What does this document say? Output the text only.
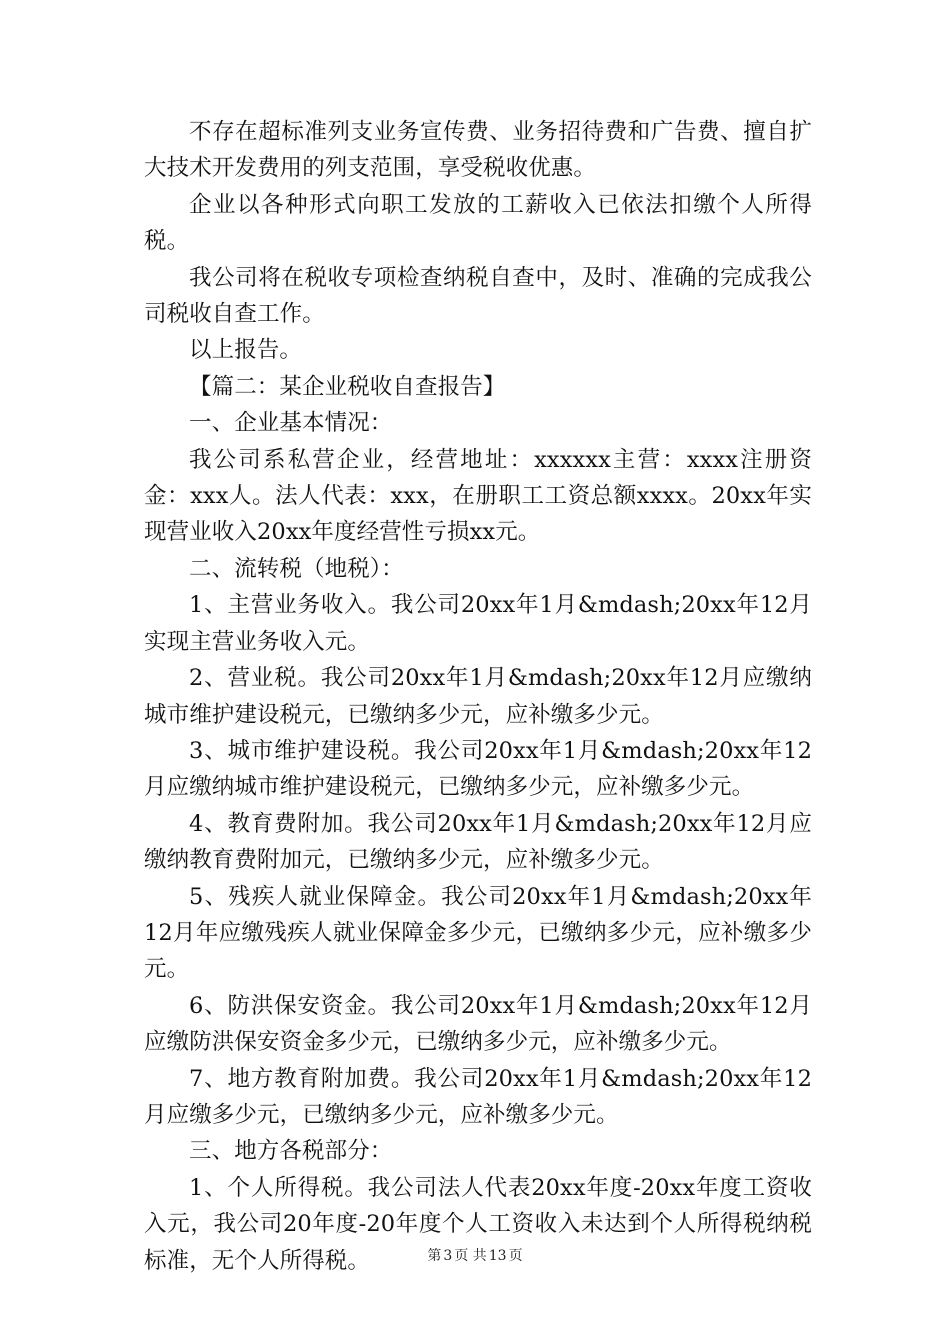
不存在超标准列支业务宣传费、业务招待费和广告费、擅自扩大技术开发费用的列支范围，享受税收优惠。

企业以各种形式向职工发放的工薪收入已依法扣缴个人所得税。

我公司将在税收专项检查纳税自查中，及时、准确的完成我公司税收自查工作。

以上报告。

【篇二：某企业税收自查报告】

一、企业基本情况：

我公司系私营企业，经营地址：xxxxxx主营：xxxx注册资金：xxx人。法人代表：xxx，在册职工工资总额xxxx。20xx年实现营业收入20xx年度经营性亏损xx元。

二、流转税（地税）：

1、主营业务收入。我公司20xx年1月&mdash;20xx年12月实现主营业务收入元。

2、营业税。我公司20xx年1月&mdash;20xx年12月应缴纳城市维护建设税元，已缴纳多少元，应补缴多少元。

3、城市维护建设税。我公司20xx年1月&mdash;20xx年12月应缴纳城市维护建设税元，已缴纳多少元，应补缴多少元。

4、教育费附加。我公司20xx年1月&mdash;20xx年12月应缴纳教育费附加元，已缴纳多少元，应补缴多少元。

5、残疾人就业保障金。我公司20xx年1月&mdash;20xx年12月年应缴残疾人就业保障金多少元，已缴纳多少元，应补缴多少元。

6、防洪保安资金。我公司20xx年1月&mdash;20xx年12月应缴防洪保安资金多少元，已缴纳多少元，应补缴多少元。

7、地方教育附加费。我公司20xx年1月&mdash;20xx年12月应缴多少元，已缴纳多少元，应补缴多少元。

三、地方各税部分：

1、个人所得税。我公司法人代表20xx年度-20xx年度工资收入元，我公司20年度-20年度个人工资收入未达到个人所得税纳税标准，无个人所得税。	第 3 页 共 13 页
